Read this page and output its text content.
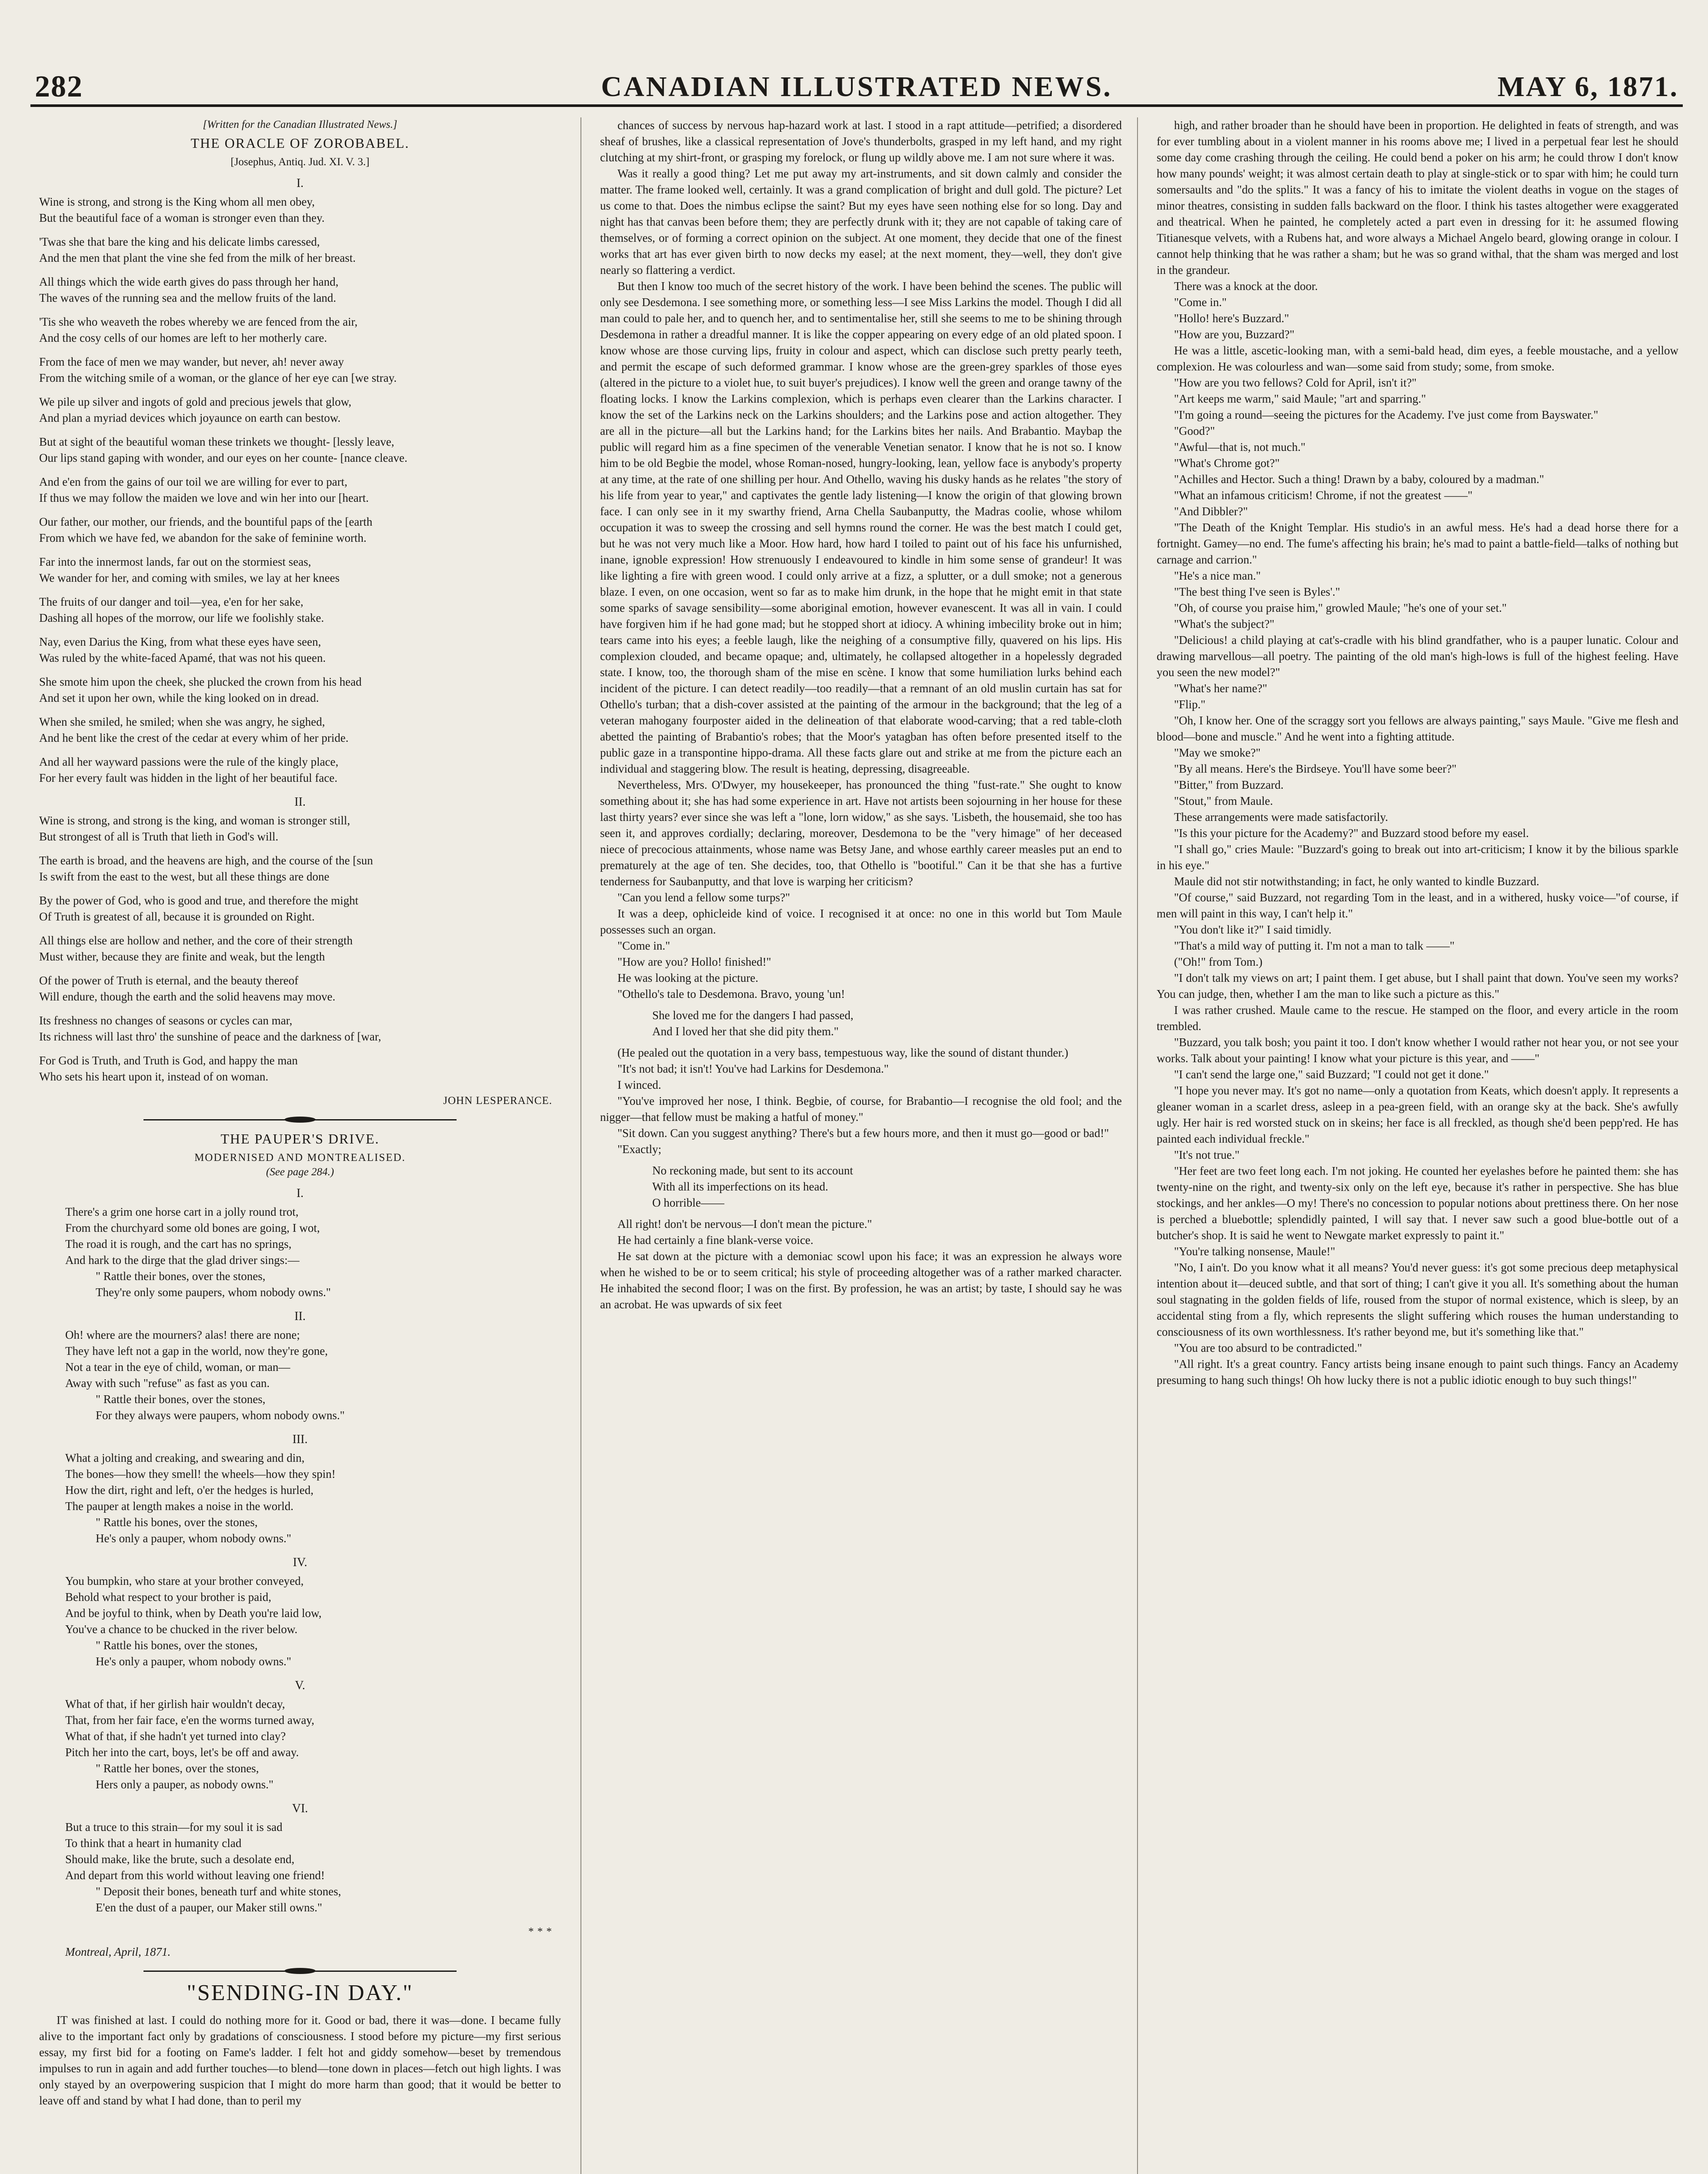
282	CANADIAN ILLUSTRATED NEWS.	MAY 6, 1871.
[Written for the Canadian Illustrated News.]
THE ORACLE OF ZOROBABEL.
[Josephus, Antiq. Jud. XI. V. 3.]
I.
Wine is strong, and strong is the King whom all men obey,
But the beautiful face of a woman is stronger even than they.
'Twas she that bare the king and his delicate limbs caressed,
And the men that plant the vine she fed from the milk of her breast.
All things which the wide earth gives do pass through her hand,
The waves of the running sea and the mellow fruits of the land.
'Tis she who weaveth the robes whereby we are fenced from the air,
And the cosy cells of our homes are left to her motherly care.
From the face of men we may wander, but never, ah! never away
From the witching smile of a woman, or the glance of her eye can [we stray.
We pile up silver and ingots of gold and precious jewels that glow,
And plan a myriad devices which joyaunce on earth can bestow.
But at sight of the beautiful woman these trinkets we thought- [lessly leave,
Our lips stand gaping with wonder, and our eyes on her counte- [nance cleave.
And e'en from the gains of our toil we are willing for ever to part,
If thus we may follow the maiden we love and win her into our [heart.
Our father, our mother, our friends, and the bountiful paps of the [earth
From which we have fed, we abandon for the sake of feminine worth.
Far into the innermost lands, far out on the stormiest seas,
We wander for her, and coming with smiles, we lay at her knees
The fruits of our danger and toil—yea, e'en for her sake,
Dashing all hopes of the morrow, our life we foolishly stake.
Nay, even Darius the King, from what these eyes have seen,
Was ruled by the white-faced Apamé, that was not his queen.
She smote him upon the cheek, she plucked the crown from his head
And set it upon her own, while the king looked on in dread.
When she smiled, he smiled; when she was angry, he sighed,
And he bent like the crest of the cedar at every whim of her pride.
And all her wayward passions were the rule of the kingly place,
For her every fault was hidden in the light of her beautiful face.
II.
Wine is strong, and strong is the king, and woman is stronger still,
But strongest of all is Truth that lieth in God's will.
The earth is broad, and the heavens are high, and the course of the [sun
Is swift from the east to the west, but all these things are done
By the power of God, who is good and true, and therefore the might
Of Truth is greatest of all, because it is grounded on Right.
All things else are hollow and nether, and the core of their strength
Must wither, because they are finite and weak, but the length
Of the power of Truth is eternal, and the beauty thereof
Will endure, though the earth and the solid heavens may move.
Its freshness no changes of seasons or cycles can mar,
Its richness will last thro' the sunshine of peace and the darkness of [war,
For God is Truth, and Truth is God, and happy the man
Who sets his heart upon it, instead of on woman.
JOHN LESPERANCE.
THE PAUPER'S DRIVE.
MODERNISED AND MONTREALISED.
(See page 284.)
I.
There's a grim one horse cart in a jolly round trot,
From the churchyard some old bones are going, I wot,
The road it is rough, and the cart has no springs,
And hark to the dirge that the glad driver sings:—
" Rattle their bones, over the stones,
They're only some paupers, whom nobody owns."
II.
Oh! where are the mourners? alas! there are none;
They have left not a gap in the world, now they're gone,
Not a tear in the eye of child, woman, or man—
Away with such "refuse" as fast as you can.
" Rattle their bones, over the stones,
For they always were paupers, whom nobody owns."
III.
What a jolting and creaking, and swearing and din,
The bones—how they smell! the wheels—how they spin!
How the dirt, right and left, o'er the hedges is hurled,
The pauper at length makes a noise in the world.
" Rattle his bones, over the stones,
He's only a pauper, whom nobody owns."
IV.
You bumpkin, who stare at your brother conveyed,
Behold what respect to your brother is paid,
And be joyful to think, when by Death you're laid low,
You've a chance to be chucked in the river below.
" Rattle his bones, over the stones,
He's only a pauper, whom nobody owns."
V.
What of that, if her girlish hair wouldn't decay,
That, from her fair face, e'en the worms turned away,
What of that, if she hadn't yet turned into clay?
Pitch her into the cart, boys, let's be off and away.
" Rattle her bones, over the stones,
Hers only a pauper, as nobody owns."
VI.
But a truce to this strain—for my soul it is sad
To think that a heart in humanity clad
Should make, like the brute, such a desolate end,
And depart from this world without leaving one friend!
" Deposit their bones, beneath turf and white stones,
E'en the dust of a pauper, our Maker still owns."
* * *
Montreal, April, 1871.
"SENDING-IN DAY."

IT was finished at last. I could do nothing more for it. Good or bad, there it was—done. I became fully alive to the important fact only by gradations of consciousness. I stood before my picture—my first serious essay, my first bid for a footing on Fame's ladder. I felt hot and giddy somehow—beset by tremendous impulses to run in again and add further touches—to blend—tone down in places—fetch out high lights. I was only stayed by an overpowering suspicion that I might do more harm than good; that it would be better to leave off and stand by what I had done, than to peril my

chances of success by nervous hap-hazard work at last. I stood in a rapt attitude—petrified; a disordered sheaf of brushes, like a classical representation of Jove's thunderbolts, grasped in my left hand, and my right clutching at my shirt-front, or grasping my forelock, or flung up wildly above me. I am not sure where it was.

Was it really a good thing? Let me put away my art-instruments, and sit down calmly and consider the matter. The frame looked well, certainly. It was a grand complication of bright and dull gold. The picture? Let us come to that. Does the nimbus eclipse the saint? But my eyes have seen nothing else for so long. Day and night has that canvas been before them; they are perfectly drunk with it; they are not capable of taking care of themselves, or of forming a correct opinion on the subject. At one moment, they decide that one of the finest works that art has ever given birth to now decks my easel; at the next moment, they—well, they don't give nearly so flattering a verdict.

But then I know too much of the secret history of the work. I have been behind the scenes. The public will only see Desdemona. I see something more, or something less—I see Miss Larkins the model. Though I did all man could to pale her, and to quench her, and to sentimentalise her, still she seems to me to be shining through Desdemona in rather a dreadful manner. It is like the copper appearing on every edge of an old plated spoon. I know whose are those curving lips, fruity in colour and aspect, which can disclose such pretty pearly teeth, and permit the escape of such deformed grammar. I know whose are the green-grey sparkles of those eyes (altered in the picture to a violet hue, to suit buyer's prejudices). I know well the green and orange tawny of the floating locks. I know the Larkins complexion, which is perhaps even clearer than the Larkins character. I know the set of the Larkins neck on the Larkins shoulders; and the Larkins pose and action altogether. They are all in the picture—all but the Larkins hand; for the Larkins bites her nails. And Brabantio. Maybap the public will regard him as a fine specimen of the venerable Venetian senator. I know that he is not so. I know him to be old Begbie the model, whose Roman-nosed, hungry-looking, lean, yellow face is anybody's property at any time, at the rate of one shilling per hour. And Othello, waving his dusky hands as he relates "the story of his life from year to year," and captivates the gentle lady listening—I know the origin of that glowing brown face. I can only see in it my swarthy friend, Arna Chella Saubanputty, the Madras coolie, whose whilom occupation it was to sweep the crossing and sell hymns round the corner. He was the best match I could get, but he was not very much like a Moor. How hard, how hard I toiled to paint out of his face his unfurnished, inane, ignoble expression! How strenuously I endeavoured to kindle in him some sense of grandeur! It was like lighting a fire with green wood. I could only arrive at a fizz, a splutter, or a dull smoke; not a generous blaze. I even, on one occasion, went so far as to make him drunk, in the hope that he might emit in that state some sparks of savage sensibility—some aboriginal emotion, however evanescent. It was all in vain. I could have forgiven him if he had gone mad; but he stopped short at idiocy. A whining imbecility broke out in him; tears came into his eyes; a feeble laugh, like the neighing of a consumptive filly, quavered on his lips. His complexion clouded, and became opaque; and, ultimately, he collapsed altogether in a hopelessly degraded state. I know, too, the thorough sham of the mise en scène. I know that some humiliation lurks behind each incident of the picture. I can detect readily—too readily—that a remnant of an old muslin curtain has sat for Othello's turban; that a dish-cover assisted at the painting of the armour in the background; that the leg of a veteran mahogany fourposter aided in the delineation of that elaborate wood-carving; that a red table-cloth abetted the painting of Brabantio's robes; that the Moor's yatagban has often before presented itself to the public gaze in a transpontine hippo-drama. All these facts glare out and strike at me from the picture each an individual and staggering blow. The result is heating, depressing, disagreeable.

Nevertheless, Mrs. O'Dwyer, my housekeeper, has pronounced the thing "fust-rate." She ought to know something about it; she has had some experience in art. Have not artists been sojourning in her house for these last thirty years? ever since she was left a "lone, lorn widow," as she says. 'Lisbeth, the housemaid, she too has seen it, and approves cordially; declaring, moreover, Desdemona to be the "very himage" of her deceased niece of precocious attainments, whose name was Betsy Jane, and whose earthly career measles put an end to prematurely at the age of ten. She decides, too, that Othello is "bootiful." Can it be that she has a furtive tenderness for Saubanputty, and that love is warping her criticism?

"Can you lend a fellow some turps?"

It was a deep, ophicleide kind of voice. I recognised it at once: no one in this world but Tom Maule possesses such an organ.

"Come in."

"How are you? Hollo! finished!"

He was looking at the picture.

"Othello's tale to Desdemona. Bravo, young 'un!

She loved me for the dangers I had passed,
And I loved her that she did pity them."

(He pealed out the quotation in a very bass, tempestuous way, like the sound of distant thunder.)

"It's not bad; it isn't! You've had Larkins for Desdemona."

I winced.

"You've improved her nose, I think. Begbie, of course, for Brabantio—I recognise the old fool; and the nigger—that fellow must be making a hatful of money."

"Sit down. Can you suggest anything? There's but a few hours more, and then it must go—good or bad!"

"Exactly;

No reckoning made, but sent to its account
With all its imperfections on its head.
O horrible——

All right! don't be nervous—I don't mean the picture."

He had certainly a fine blank-verse voice.

He sat down at the picture with a demoniac scowl upon his face; it was an expression he always wore when he wished to be or to seem critical; his style of proceeding altogether was of a rather marked character. He inhabited the second floor; I was on the first. By profession, he was an artist; by taste, I should say he was an acrobat. He was upwards of six feet

high, and rather broader than he should have been in proportion. He delighted in feats of strength, and was for ever tumbling about in a violent manner in his rooms above me; I lived in a perpetual fear lest he should some day come crashing through the ceiling. He could bend a poker on his arm; he could throw I don't know how many pounds' weight; it was almost certain death to play at single-stick or to spar with him; he could turn somersaults and "do the splits." It was a fancy of his to imitate the violent deaths in vogue on the stages of minor theatres, consisting in sudden falls backward on the floor. I think his tastes altogether were exaggerated and theatrical. When he painted, he completely acted a part even in dressing for it: he assumed flowing Titianesque velvets, with a Rubens hat, and wore always a Michael Angelo beard, glowing orange in colour. I cannot help thinking that he was rather a sham; but he was so grand withal, that the sham was merged and lost in the grandeur.

There was a knock at the door.

"Come in."

"Hollo! here's Buzzard."

"How are you, Buzzard?"

He was a little, ascetic-looking man, with a semi-bald head, dim eyes, a feeble moustache, and a yellow complexion. He was colourless and wan—some said from study; some, from smoke.

"How are you two fellows? Cold for April, isn't it?"

"Art keeps me warm," said Maule; "art and sparring."

"I'm going a round—seeing the pictures for the Academy. I've just come from Bayswater."

"Good?"

"Awful—that is, not much."

"What's Chrome got?"

"Achilles and Hector. Such a thing! Drawn by a baby, coloured by a madman."

"What an infamous criticism! Chrome, if not the greatest ——"

"And Dibbler?"

"The Death of the Knight Templar. His studio's in an awful mess. He's had a dead horse there for a fortnight. Gamey—no end. The fume's affecting his brain; he's mad to paint a battle-field—talks of nothing but carnage and carrion."

"He's a nice man."

"The best thing I've seen is Byles'."

"Oh, of course you praise him," growled Maule; "he's one of your set."

"What's the subject?"

"Delicious! a child playing at cat's-cradle with his blind grandfather, who is a pauper lunatic. Colour and drawing marvellous—all poetry. The painting of the old man's high-lows is full of the highest feeling. Have you seen the new model?"

"What's her name?"

"Flip."

"Oh, I know her. One of the scraggy sort you fellows are always painting," says Maule. "Give me flesh and blood—bone and muscle." And he went into a fighting attitude.

"May we smoke?"

"By all means. Here's the Birdseye. You'll have some beer?"

"Bitter," from Buzzard.

"Stout," from Maule.

These arrangements were made satisfactorily.

"Is this your picture for the Academy?" and Buzzard stood before my easel.

"I shall go," cries Maule: "Buzzard's going to break out into art-criticism; I know it by the bilious sparkle in his eye."

Maule did not stir notwithstanding; in fact, he only wanted to kindle Buzzard.

"Of course," said Buzzard, not regarding Tom in the least, and in a withered, husky voice—"of course, if men will paint in this way, I can't help it."

"You don't like it?" I said timidly.

"That's a mild way of putting it. I'm not a man to talk ——"

("Oh!" from Tom.)

"I don't talk my views on art; I paint them. I get abuse, but I shall paint that down. You've seen my works? You can judge, then, whether I am the man to like such a picture as this."

I was rather crushed. Maule came to the rescue. He stamped on the floor, and every article in the room trembled.

"Buzzard, you talk bosh; you paint it too. I don't know whether I would rather not hear you, or not see your works. Talk about your painting! I know what your picture is this year, and ——"

"I can't send the large one," said Buzzard; "I could not get it done."

"I hope you never may. It's got no name—only a quotation from Keats, which doesn't apply. It represents a gleaner woman in a scarlet dress, asleep in a pea-green field, with an orange sky at the back. She's awfully ugly. Her hair is red worsted stuck on in skeins; her face is all freckled, as though she'd been pepp'red. He has painted each individual freckle."

"It's not true."

"Her feet are two feet long each. I'm not joking. He counted her eyelashes before he painted them: she has twenty-nine on the right, and twenty-six only on the left eye, because it's rather in perspective. She has blue stockings, and her ankles—O my! There's no concession to popular notions about prettiness there. On her nose is perched a bluebottle; splendidly painted, I will say that. I never saw such a good blue-bottle out of a butcher's shop. It is said he went to Newgate market expressly to paint it."

"You're talking nonsense, Maule!"

"No, I ain't. Do you know what it all means? You'd never guess: it's got some precious deep metaphysical intention about it—deuced subtle, and that sort of thing; I can't give it you all. It's something about the human soul stagnating in the golden fields of life, roused from the stupor of normal existence, which is sleep, by an accidental sting from a fly, which represents the slight suffering which rouses the human understanding to consciousness of its own worthlessness. It's rather beyond me, but it's something like that."

"You are too absurd to be contradicted."

"All right. It's a great country. Fancy artists being insane enough to paint such things. Fancy an Academy presuming to hang such things! Oh how lucky there is not a public idiotic enough to buy such things!"
